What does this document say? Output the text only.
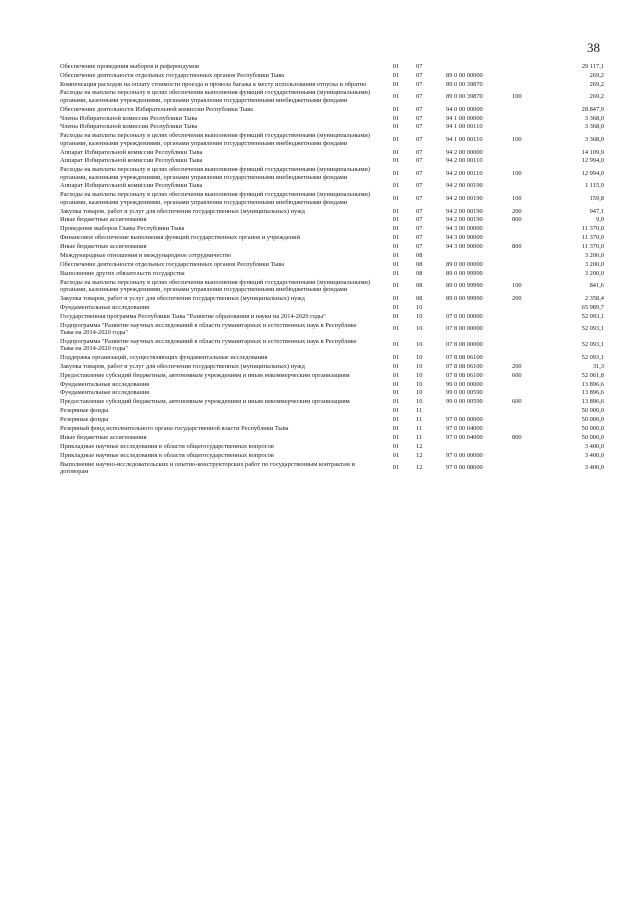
38
Обеспечение проведения выборов и референдумов	01	07			29 117,1
Обеспечение деятельности отдельных государственных органов Республики Тыва	01	07	89 0 00 00000		269,2
Компенсация расходов на оплату стоимости проезда и провоза багажа к месту использования отпуска и обратно	01	07	89 0 00 39870		269,2
Расходы на выплаты персоналу в целях обеспечения выполнения функций государственными (муниципальными) органами, казенными учреждениями, органами управления государственными внебюджетными фондами	01	07	89 0 00 39870	100	269,2
Обеспечение деятельности Избирательной комиссии Республики Тыва	01	07	94 0 00 00000		28 847,9
Члены Избирательной комиссии Республики Тыва	01	07	94 1 00 00000		3 368,0
Члены Избирательной комиссии Республики Тыва	01	07	94 1 00 00110		3 368,0
Расходы на выплаты персоналу в целях обеспечения выполнения функций государственными (муниципальными) органами, казенными учреждениями, органами управления государственными внебюджетными фондами	01	07	94 1 00 00110	100	3 368,0
Аппарат Избирательной комиссии Республики Тыва	01	07	94 2 00 00000		14 109,9
Аппарат Избирательной комиссии Республики Тыва	01	07	94 2 00 00110		12 994,0
Расходы на выплаты персоналу в целях обеспечения выполнения функций государственными (муниципальными) органами, казенными учреждениями, органами управления государственными внебюджетными фондами	01	07	94 2 00 00110	100	12 994,0
Аппарат Избирательной комиссии Республики Тыва	01	07	94 2 00 00190		1 115,9
Расходы на выплаты персоналу в целях обеспечения выполнения функций государственными (муниципальными) органами, казенными учреждениями, органами управления государственными внебюджетными фондами	01	07	94 2 00 00190	100	159,8
Закупка товаров, работ и услуг для обеспечения государственных (муниципальных) нужд	01	07	94 2 00 00190	200	947,1
Иные бюджетные ассигнования	01	07	94 2 00 00190	800	9,0
Проведение выборов Главы Республики Тыва	01	07	94 3 00 00000		11 370,0
Финансовое обеспечение выполнения функций государственных органов и учреждений	01	07	94 3 00 90000		11 370,0
Иные бюджетные ассигнования	01	07	94 3 00 90000	800	11 370,0
Международные отношения и международное сотрудничество	01	08			3 200,0
Обеспечение деятельности отдельных государственных органов Республики Тыва	01	08	89 0 00 00000		3 200,0
Выполнение других обязательств государства	01	08	89 0 00 99990		3 200,0
Расходы на выплаты персоналу в целях обеспечения выполнения функций государственными (муниципальными) органами, казенными учреждениями, органами управления государственными внебюджетными фондами	01	08	89 0 00 99990	100	841,6
Закупка товаров, работ и услуг для обеспечения государственных (муниципальных) нужд	01	08	89 0 00 99990	200	2 358,4
Фундаментальные исследования	01	10			65 989,7
Государственная программа Республики Тыва "Развитие образования и науки на 2014-2020 годы"	01	10	07 0 00 00000		52 093,1
Подпрограмма "Развитие научных исследований в области гуманитарных и естественных наук в Республике Тыва на 2014-2020 годы"	01	10	07 8 00 00000		52 093,1
Подпрограмма "Развитие научных исследований в области гуманитарных и естественных наук в Республике Тыва на 2014-2020 годы"	01	10	07 8 08 00000		52 093,1
Поддержка организаций, осуществляющих фундаментальные исследования	01	10	07 8 08 06100		52 093,1
Закупка товаров, работ и услуг для обеспечения государственных (муниципальных) нужд	01	10	07 8 08 06100	200	31,3
Предоставление субсидий бюджетным, автономным учреждениям и иным некоммерческим организациям	01	10	07 8 08 06100	600	52 061,8
Фундаментальные исследования	01	10	99 0 00 00000		13 896,6
Фундаментальные исследования	01	10	99 0 00 00590		13 896,6
Предоставление субсидий бюджетным, автономным учреждениям и иным некоммерческим организациям	01	10	99 0 00 00590	600	13 896,6
Резервные фонды	01	11			50 000,0
Резервные фонды	01	11	97 0 00 00000		50 000,0
Резервный фонд исполнительного органа государственной власти Республики Тыва	01	11	97 0 00 04000		50 000,0
Иные бюджетные ассигнования	01	11	97 0 00 04000	800	50 000,0
Прикладные научные исследования в области общегосударственных вопросов	01	12			3 400,0
Прикладные научные исследования в области общегосударственных вопросов	01	12	97 0 00 00000		3 400,0
Выполнение научно-исследовательских и опытно-конструкторских работ по государственным контрактам и договорам	01	12	97 0 00 08000		3 400,0
